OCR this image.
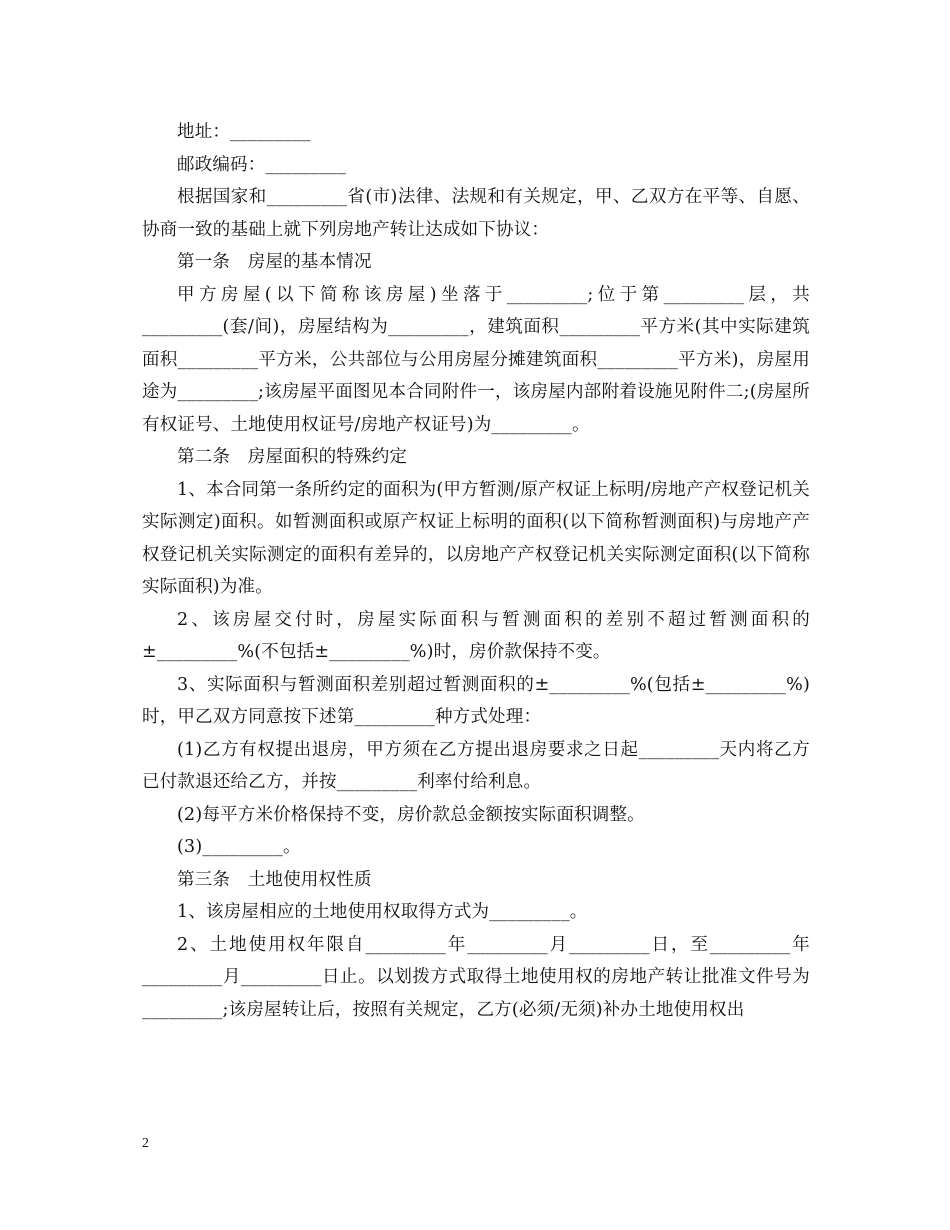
地址：_________

邮政编码：_________

根据国家和_________省(市)法律、法规和有关规定，甲、乙双方在平等、自愿、协商一致的基础上就下列房地产转让达成如下协议：

第一条　房屋的基本情况

甲方房屋(以下简称该房屋)坐落于_________;位于第_________层，共_________(套/间)，房屋结构为_________，建筑面积_________平方米(其中实际建筑面积_________平方米，公共部位与公用房屋分摊建筑面积_________平方米)，房屋用途为_________;该房屋平面图见本合同附件一，该房屋内部附着设施见附件二;(房屋所有权证号、土地使用权证号/房地产权证号)为_________。

第二条　房屋面积的特殊约定

1、本合同第一条所约定的面积为(甲方暂测/原产权证上标明/房地产产权登记机关实际测定)面积。如暂测面积或原产权证上标明的面积(以下简称暂测面积)与房地产产权登记机关实际测定的面积有差异的，以房地产产权登记机关实际测定面积(以下简称实际面积)为准。

2、该房屋交付时，房屋实际面积与暂测面积的差别不超过暂测面积的±_________%(不包括±_________%)时，房价款保持不变。

3、实际面积与暂测面积差别超过暂测面积的±_________%(包括±_________%)时，甲乙双方同意按下述第_________种方式处理：

(1)乙方有权提出退房，甲方须在乙方提出退房要求之日起_________天内将乙方已付款退还给乙方，并按_________利率付给利息。

(2)每平方米价格保持不变，房价款总金额按实际面积调整。

(3)_________。

第三条　土地使用权性质

1、该房屋相应的土地使用权取得方式为_________。

2、土地使用权年限自_________年_________月_________日，至_________年_________月_________日止。以划拨方式取得土地使用权的房地产转让批准文件号为_________;该房屋转让后，按照有关规定，乙方(必须/无须)补办土地使用权出

2
